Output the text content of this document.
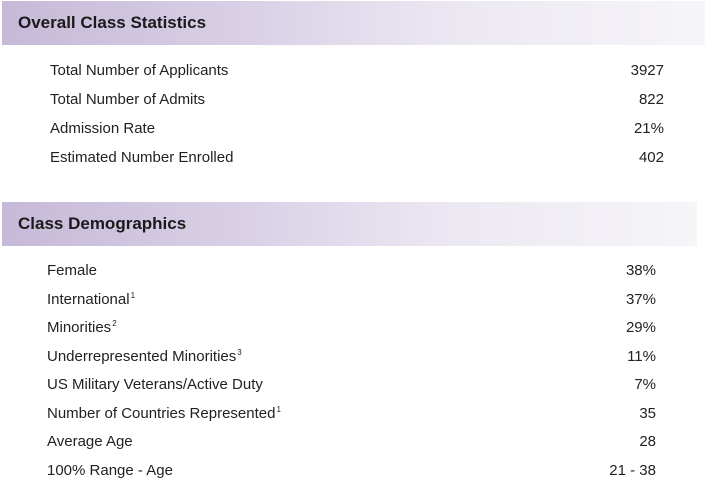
Overall Class Statistics
Total Number of Applicants	3927
Total Number of Admits	822
Admission Rate	21%
Estimated Number Enrolled	402
Class Demographics
Female	38%
International$^1$	37%
Minorities$^2$	29%
Underrepresented Minorities$^3$	11%
US Military Veterans/Active Duty	7%
Number of Countries Represented$^1$	35
Average Age	28
100% Range - Age	21 - 38
